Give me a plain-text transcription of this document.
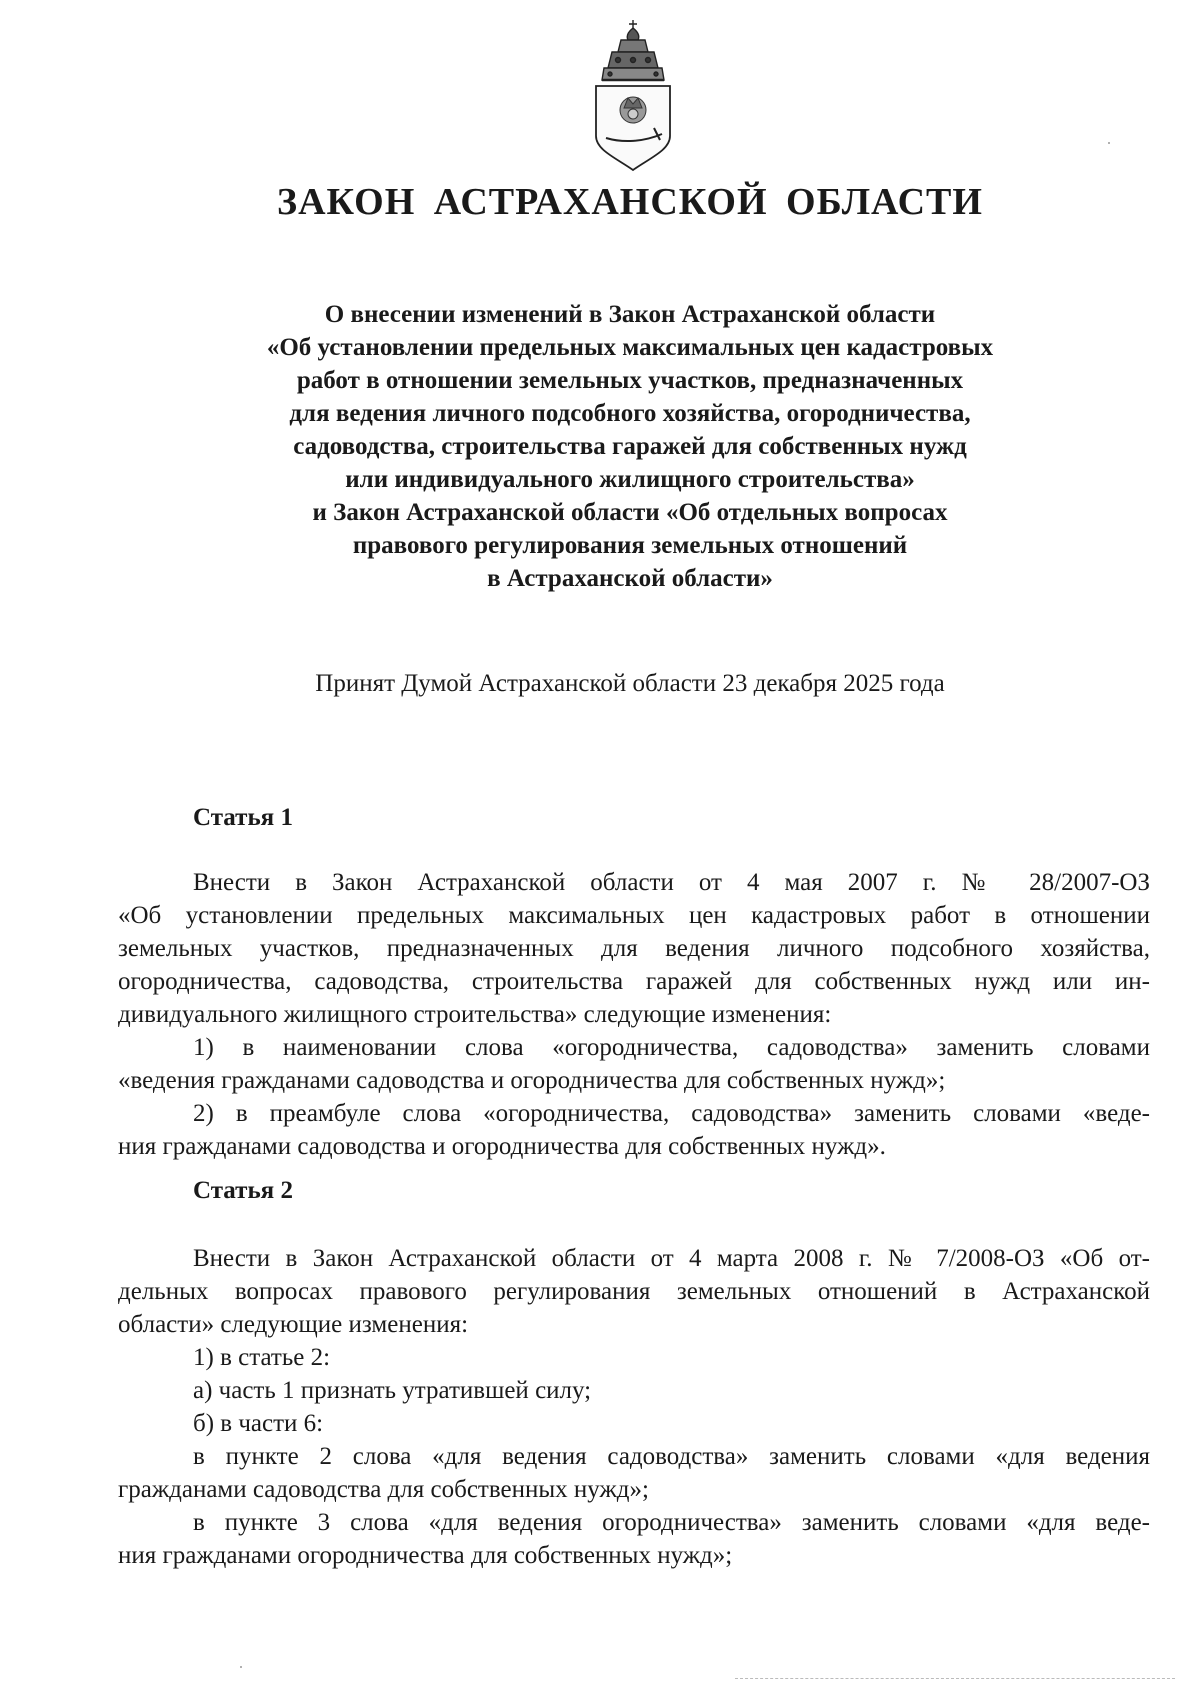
ЗАКОН АСТРАХАНСКОЙ ОБЛАСТИ
О внесении изменений в Закон Астраханской области
«Об установлении предельных максимальных цен кадастровых
работ в отношении земельных участков, предназначенных
для ведения личного подсобного хозяйства, огородничества,
садоводства, строительства гаражей для собственных нужд
или индивидуального жилищного строительства»
и Закон Астраханской области «Об отдельных вопросах
правового регулирования земельных отношений
в Астраханской области»

Принят Думой Астраханской области 23 декабря 2025 года

Статья 1
Внести в Закон Астраханской области от 4 мая 2007 г. № 28/2007-ОЗ
«Об установлении предельных максимальных цен кадастровых работ в отношении
земельных участков, предназначенных для ведения личного подсобного хозяйства,
огородничества, садоводства, строительства гаражей для собственных нужд или ин-
дивидуального жилищного строительства» следующие изменения:
1) в наименовании слова «огородничества, садоводства» заменить словами
«ведения гражданами садоводства и огородничества для собственных нужд»;
2) в преамбуле слова «огородничества, садоводства» заменить словами «веде-
ния гражданами садоводства и огородничества для собственных нужд».
Статья 2
Внести в Закон Астраханской области от 4 марта 2008 г. № 7/2008-ОЗ «Об от-
дельных вопросах правового регулирования земельных отношений в Астраханской
области» следующие изменения:
1) в статье 2:
а) часть 1 признать утратившей силу;
б) в части 6:
в пункте 2 слова «для ведения садоводства» заменить словами «для ведения
гражданами садоводства для собственных нужд»;
в пункте 3 слова «для ведения огородничества» заменить словами «для веде-
ния гражданами огородничества для собственных нужд»;
